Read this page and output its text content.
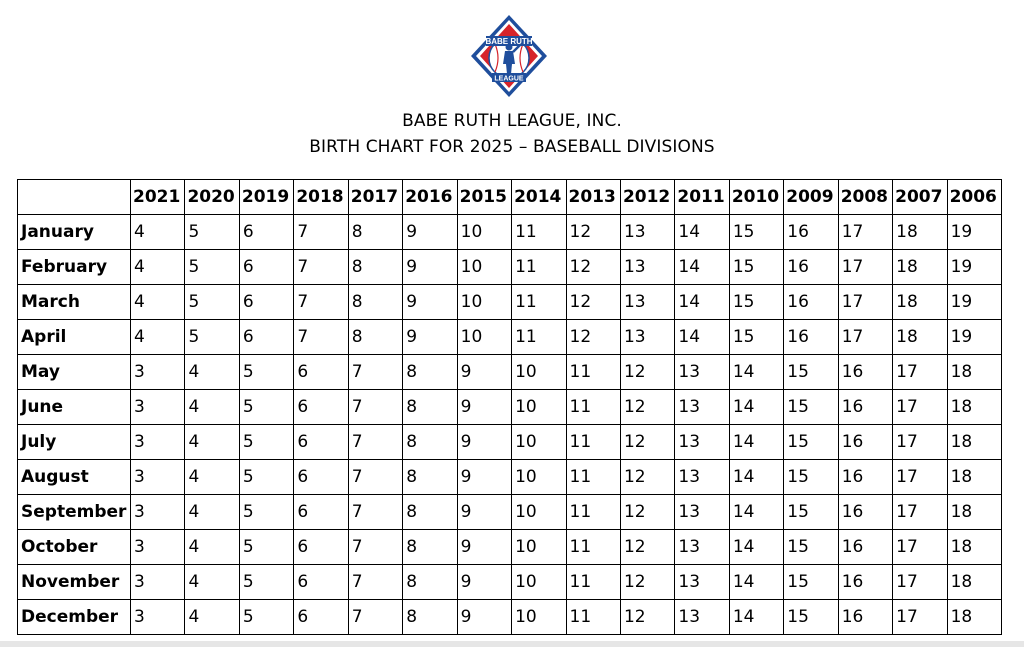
BABE RUTH
LEAGUE
BABE RUTH LEAGUE, INC.
BIRTH CHART FOR 2025 – BASEBALL DIVISIONS
	2021	2020	2019	2018	2017	2016	2015	2014	2013	2012	2011	2010	2009	2008	2007	2006
January	4	5	6	7	8	9	10	11	12	13	14	15	16	17	18	19
February	4	5	6	7	8	9	10	11	12	13	14	15	16	17	18	19
March	4	5	6	7	8	9	10	11	12	13	14	15	16	17	18	19
April	4	5	6	7	8	9	10	11	12	13	14	15	16	17	18	19
May	3	4	5	6	7	8	9	10	11	12	13	14	15	16	17	18
June	3	4	5	6	7	8	9	10	11	12	13	14	15	16	17	18
July	3	4	5	6	7	8	9	10	11	12	13	14	15	16	17	18
August	3	4	5	6	7	8	9	10	11	12	13	14	15	16	17	18
September	3	4	5	6	7	8	9	10	11	12	13	14	15	16	17	18
October	3	4	5	6	7	8	9	10	11	12	13	14	15	16	17	18
November	3	4	5	6	7	8	9	10	11	12	13	14	15	16	17	18
December	3	4	5	6	7	8	9	10	11	12	13	14	15	16	17	18
